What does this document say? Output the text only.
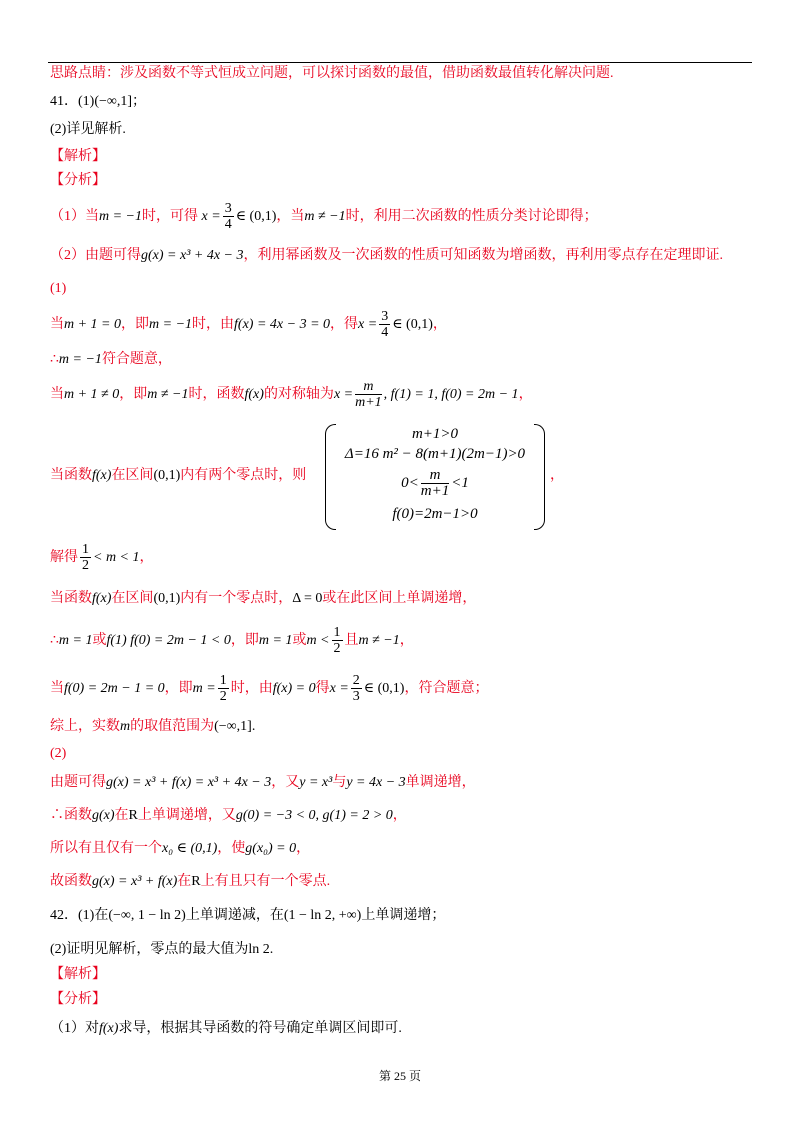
思路点睛：涉及函数不等式恒成立问题，可以探讨函数的最值，借助函数最值转化解决问题.
41．(1)(−∞,1]；
(2)详见解析.
【解析】
【分析】
（1）当m = −1时，可得 $x = \frac{3}{4}$ ∈ (0,1)，当m ≠ −1时，利用二次函数的性质分类讨论即得；
（2）由题可得g(x) = x³ + 4x − 3，利用幂函数及一次函数的性质可知函数为增函数，再利用零点存在定理即证.
(1)
当m + 1 = 0，即m = −1时，由f(x) = 4x − 3 = 0，得$x = \frac{3}{4}$ ∈ (0,1)，
∴m = −1符合题意，
当m + 1 ≠ 0，即m ≠ −1时，函数f(x)的对称轴为$x = \frac{m}{m+1}$ , f(1) = 1, f(0) = 2m − 1，
当函数f(x)在区间(0,1)内有两个零点时，则	，
m+1>0
Δ=16 m² − 8(m+1)(2m−1)>0
$0< \frac{m}{m+1} <1$
f(0)=2m−1>0
解得 $\frac{1}{2} < m < 1$，
当函数f(x)在区间(0,1)内有一个零点时，Δ = 0或在此区间上单调递增，
∴m = 1或f(1) f(0) = 2m − 1 < 0，即m = 1或$m < \frac{1}{2}$ 且m ≠ −1，
当f(0) = 2m − 1 = 0，即$m = \frac{1}{2}$ 时，由f(x) = 0得$x = \frac{2}{3}$ ∈ (0,1)，符合题意；
综上，实数m的取值范围为(−∞,1].
(2)
由题可得g(x) = x³ + f(x) = x³ + 4x − 3，又y = x³与y = 4x − 3单调递增，
∴函数g(x)在R上单调递增，又g(0) = −3 < 0, g(1) = 2 > 0，
所以有且仅有一个x₀ ∈ (0,1)，使g(x₀) = 0，
故函数g(x) = x³ + f(x)在R上有且只有一个零点.
42．(1)在(−∞, 1 − ln 2)上单调递减，在(1 − ln 2, +∞)上单调递增；
(2)证明见解析，零点的最大值为ln 2.
【解析】
【分析】
（1）对f(x)求导，根据其导函数的符号确定单调区间即可.
第 25 页
